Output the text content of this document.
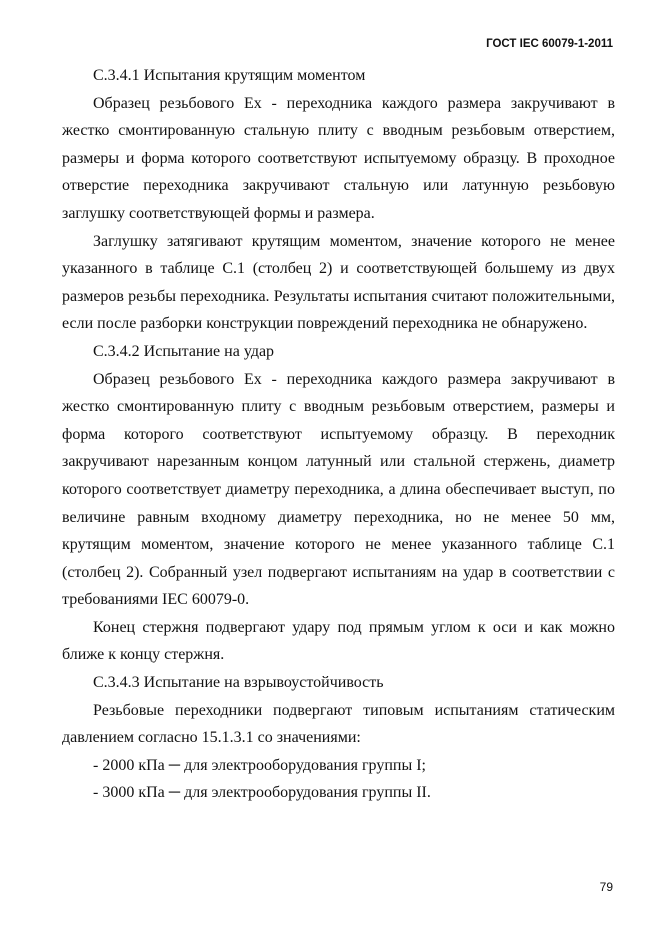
ГОСТ IEC 60079-1-2011

С.3.4.1 Испытания крутящим моментом

Образец резьбового Ex - переходника каждого размера закручивают в жестко смонтированную стальную плиту с вводным резьбовым отверстием, размеры и форма которого соответствуют испытуемому образцу. В проходное отверстие переходника закручивают стальную или латунную резьбовую заглушку соответствующей формы и размера.

Заглушку затягивают крутящим моментом, значение которого не менее указанного в таблице С.1 (столбец 2) и соответствующей большему из двух размеров резьбы переходника. Результаты испытания считают положительными, если после разборки конструкции повреждений переходника не обнаружено.

С.3.4.2 Испытание на удар

Образец резьбового Ex - переходника каждого размера закручивают в жестко смонтированную плиту с вводным резьбовым отверстием, размеры и форма которого соответствуют испытуемому образцу. В переходник закручивают нарезанным концом латунный или стальной стержень, диаметр которого соответствует диаметру переходника, а длина обеспечивает выступ, по величине равным входному диаметру переходника, но не менее 50 мм, крутящим моментом, значение которого не менее указанного таблице С.1 (столбец 2). Собранный узел подвергают испытаниям на удар в соответствии с требованиями IEC 60079-0.

Конец стержня подвергают удару под прямым углом к оси и как можно ближе к концу стержня.

С.3.4.3 Испытание на взрывоустойчивость

Резьбовые переходники подвергают типовым испытаниям статическим давлением согласно 15.1.3.1 со значениями:

- 2000 кПа ─ для электрооборудования группы I;

- 3000 кПа ─ для электрооборудования группы II.

79
